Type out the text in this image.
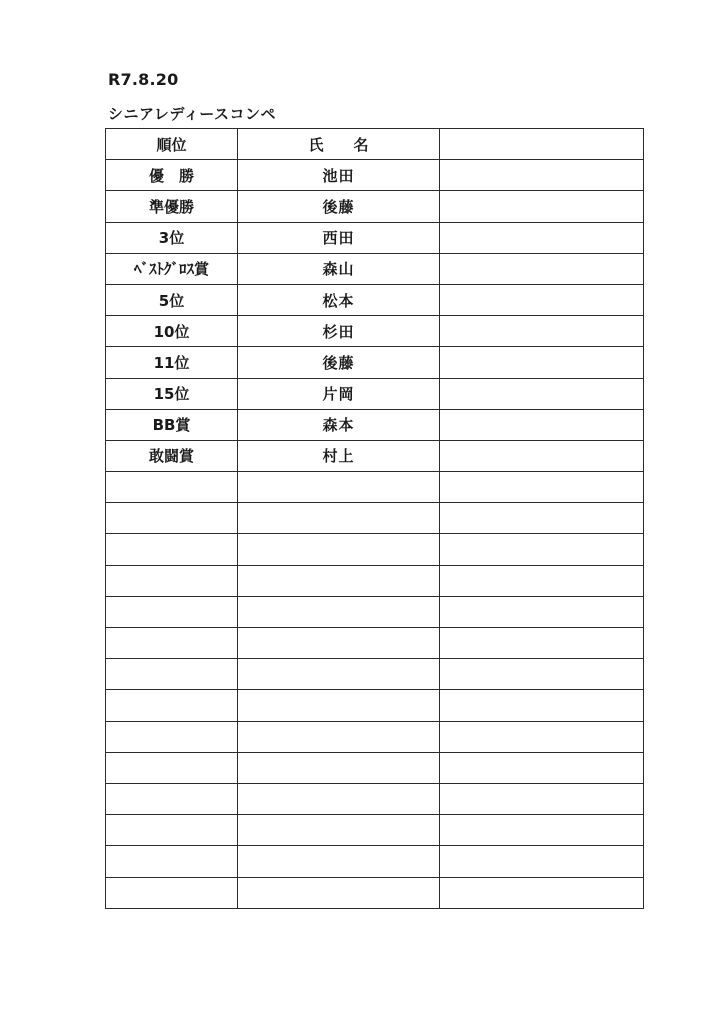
R7.8.20
シニアレディースコンペ
順位	氏　　名	
優　勝	池田	
準優勝	後藤	
3位	西田	
ﾍﾞｽﾄｸﾞﾛｽ賞	森山	
5位	松本	
10位	杉田	
11位	後藤	
15位	片岡	
BB賞	森本	
敢闘賞	村上	
